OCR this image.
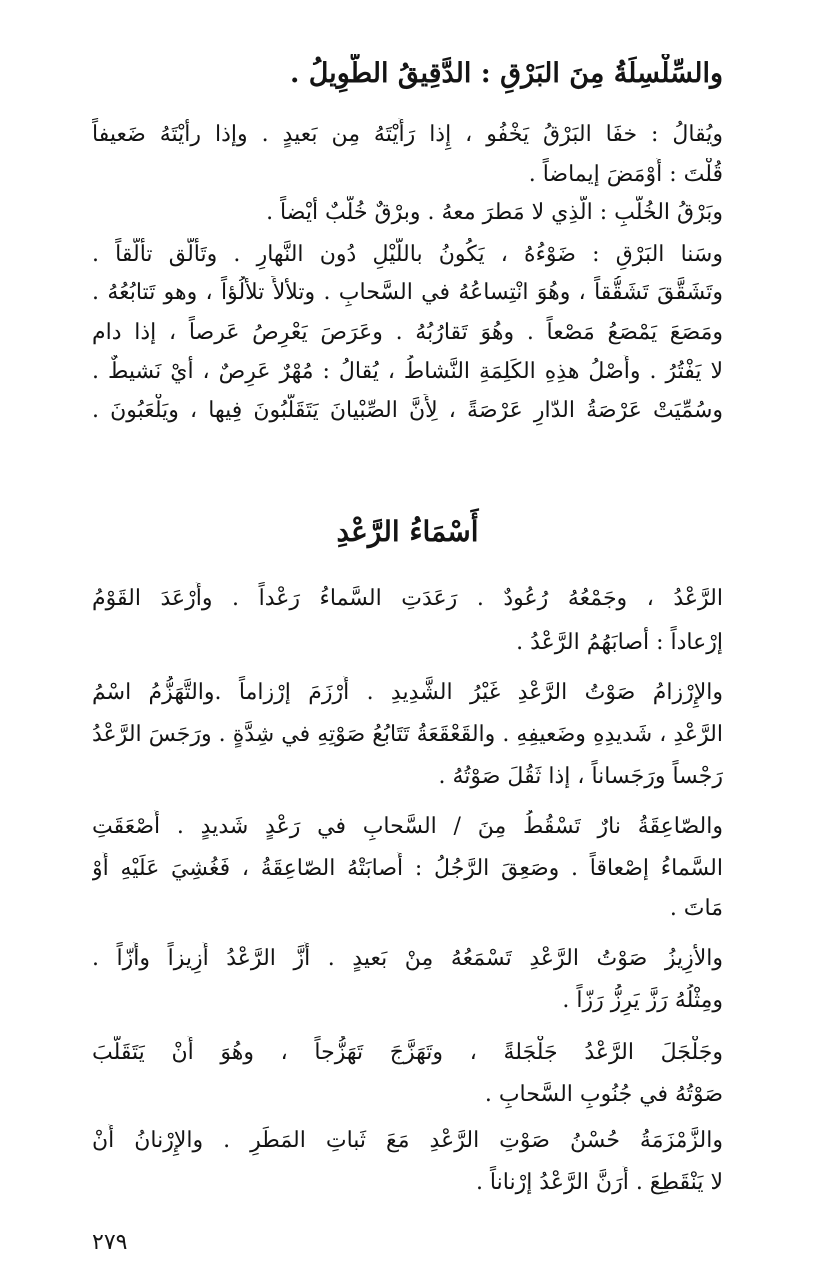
والسِّلْسِلَةُ مِنَ البَرْقِ : الدَّقِيقُ الطَّوِيلُ .

ويُقالُ : خفَا البَرْقُ يَخْفُو ، إِذا رَأَيْتَهُ مِن بَعيدٍ . وإذا رأيْتَهُ ضَعيفاً

قُلْتَ : أَوْمَضَ إيماضاً .

وبَرْقُ الخُلَّبِ : الَّذِي لا مَطرَ معهُ . وبرْقٌ خُلَّبٌ أيْضاً .

وسَنا البَرْقِ : ضَوْءُهُ ، يَكُونُ باللَّيْلِ دُون النَّهارِ . وتَألَّق تألُّقاً .

وتَشَقَّقَ تَشَقُّقاً ، وهُوَ انْتِساعُهُ في السَّحابِ . وتلألأَ تلألُؤاً ، وهو تَتابُعُهُ .

ومَصَعَ يَمْصَعُ مَصْعاً . وهُوَ تَقارُبُهُ . وعَرَصَ يَعْرِصُ عَرصاً ، إذا دام

لا يَفْتُرُ . وأَصْلُ هذِهِ الكَلِمَةِ النَّشاطُ ، يُقالُ : مُهْرٌ عَرِصٌ ، أيْ نَشيطٌ .

وسُمِّيَتْ عَرْصَةُ الدّارِ عَرْصَةً ، لِأَنَّ الصِّبْيانَ يَتَقَلَّبُونَ فِيها ، ويَلْعَبُونَ .

أَسْمَاءُ الرَّعْدِ

الرَّعْدُ ، وجَمْعُهُ رُعُودٌ . رَعَدَتِ السَّماءُ رَعْداً . وأَرْعَدَ القَوْمُ

إرْعاداً : أصابَهُمُ الرَّعْدُ .

والإِرْزامُ صَوْتُ الرَّعْدِ غَيْرُ الشَّدِيدِ . أَرْزَمَ إرْزاماً .والتَّهَزُّمُ اسْمُ

الرَّعْدِ ، شَديدِهِ وضَعيفِهِ . والقَعْقَعَةُ تَتَابُعُ صَوْتِهِ في شِدَّةٍ . ورَجَسَ الرَّعْدُ

رَجْساً ورَجَساناً ، إذا ثَقُلَ صَوْتُهُ .

والصّاعِقَةُ نارٌ تَسْقُطُ مِنَ / السَّحابِ في رَعْدٍ شَديدٍ . أَصْعَقَتِ

السَّماءُ إصْعاقاً . وصَعِقَ الرَّجُلُ : أَصابَتْهُ الصّاعِقَةُ ، فَغُشِيَ عَلَيْهِ أَوْ

مَاتَ .

والأزِيزُ صَوْتُ الرَّعْدِ تَسْمَعُهُ مِنْ بَعيدٍ . أَزَّ الرَّعْدُ أَزِيزاً وأَزّاً .

ومِثْلُهُ رَزَّ يَرِزُّ رَزّاً .

وجَلْجَلَ الرَّعْدُ جَلْجَلةً ، وتَهَزَّجَ تَهَزُّجاً ، وهُوَ أَنْ يَتَقَلَّبَ

صَوْتُهُ في جُنُوبِ السَّحابِ .

والزَّمْزَمَةُ حُسْنُ صَوْتِ الرَّعْدِ مَعَ ثَباتِ المَطَرِ . والإِرْنانُ أَنْ

لا يَنْقَطِعَ . أَرَنَّ الرَّعْدُ إرْناناً .

٢٧٩
